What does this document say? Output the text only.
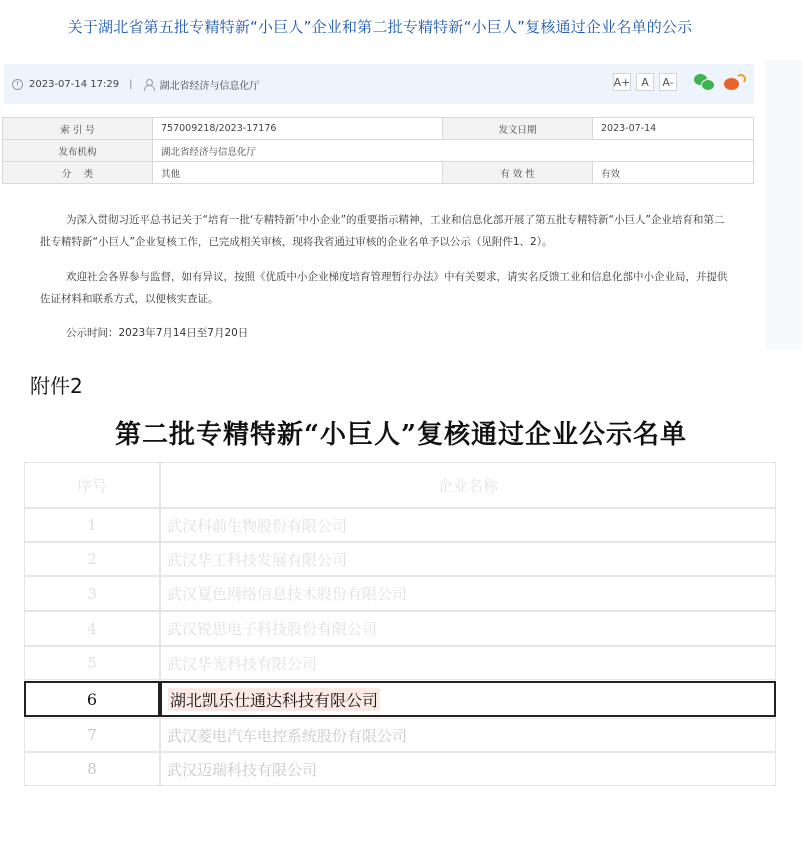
关于湖北省第五批专精特新“小巨人”企业和第二批专精特新“小巨人”复核通过企业名单的公示
2023-07-14 17:29 |	湖北省经济与信息化厅	A+ A	A-
索 引 号	757009218/2023-17176	发文日期	2023-07-14
发布机构	湖北省经济与信息化厅		
分　 类	其他	有 效 性	有效
为深入贯彻习近平总书记关于“培育一批‘专精特新’中小企业”的重要指示精神，工业和信息化部开展了第五批专精特新“小巨人”企业培育和第二批专精特新“小巨人”企业复核工作，已完成相关审核，现将我省通过审核的企业名单予以公示（见附件1、2）。
欢迎社会各界参与监督，如有异议，按照《优质中小企业梯度培育管理暂行办法》中有关要求，请实名反馈工业和信息化部中小企业局，并提供佐证材料和联系方式，以便核实查证。
公示时间：2023年7月14日至7月20日
附件2
第二批专精特新“小巨人”复核通过企业公示名单
序号	企业名称
1	武汉科前生物股份有限公司
2	武汉华工科技发展有限公司
3	武汉夏色网络信息技术股份有限公司
4	武汉锐思电子科技股份有限公司
5	武汉华光科技有限公司
6	湖北凯乐仕通达科技有限公司
7	武汉菱电汽车电控系统股份有限公司
8	武汉迈瑞科技有限公司
